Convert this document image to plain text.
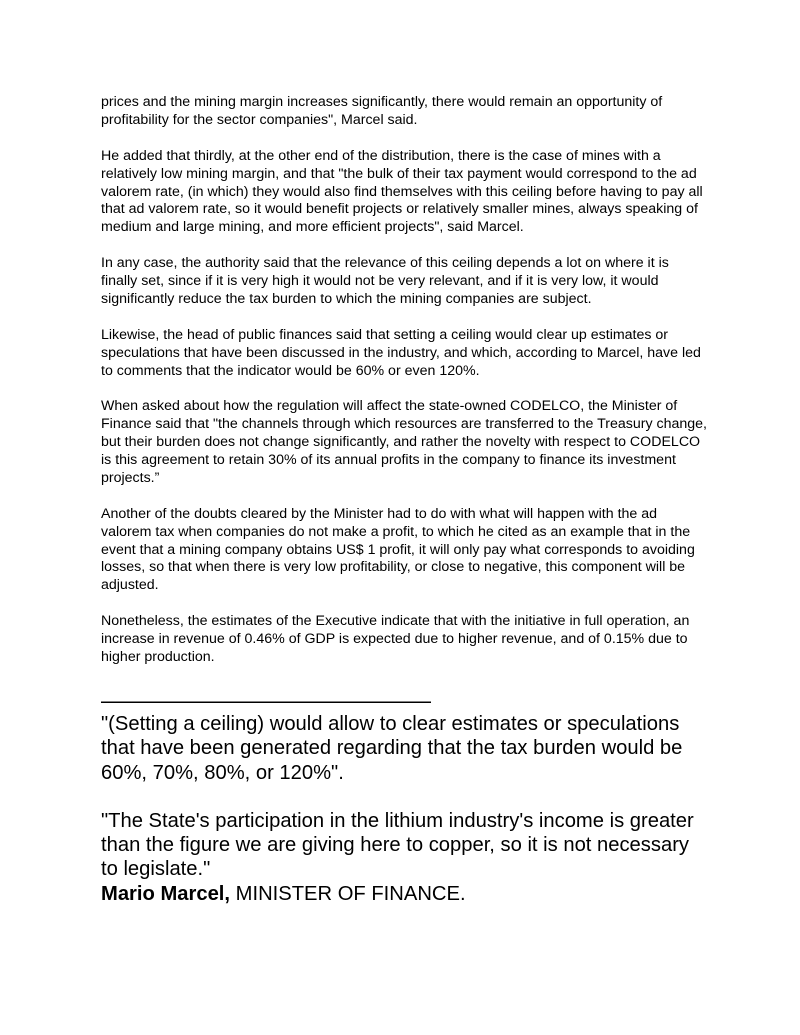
prices and the mining margin increases significantly, there would remain an opportunity of profitability for the sector companies", Marcel said.

He added that thirdly, at the other end of the distribution, there is the case of mines with a relatively low mining margin, and that "the bulk of their tax payment would correspond to the ad valorem rate, (in which) they would also find themselves with this ceiling before having to pay all that ad valorem rate, so it would benefit projects or relatively smaller mines, always speaking of medium and large mining, and more efficient projects", said Marcel.

In any case, the authority said that the relevance of this ceiling depends a lot on where it is finally set, since if it is very high it would not be very relevant, and if it is very low, it would significantly reduce the tax burden to which the mining companies are subject.

Likewise, the head of public finances said that setting a ceiling would clear up estimates or speculations that have been discussed in the industry, and which, according to Marcel, have led to comments that the indicator would be 60% or even 120%.

When asked about how the regulation will affect the state-owned CODELCO, the Minister of Finance said that "the channels through which resources are transferred to the Treasury change, but their burden does not change significantly, and rather the novelty with respect to CODELCO is this agreement to retain 30% of its annual profits in the company to finance its investment projects.”

Another of the doubts cleared by the Minister had to do with what will happen with the ad valorem tax when companies do not make a profit, to which he cited as an example that in the event that a mining company obtains US$ 1 profit, it will only pay what corresponds to avoiding losses, so that when there is very low profitability, or close to negative, this component will be adjusted.

Nonetheless, the estimates of the Executive indicate that with the initiative in full operation, an increase in revenue of 0.46% of GDP is expected due to higher revenue, and of 0.15% due to higher production.

———————————————

"(Setting a ceiling) would allow to clear estimates or speculations that have been generated regarding that the tax burden would be 60%, 70%, 80%, or 120%".

"The State's participation in the lithium industry's income is greater than the figure we are giving here to copper, so it is not necessary to legislate."

Mario Marcel, MINISTER OF FINANCE.
